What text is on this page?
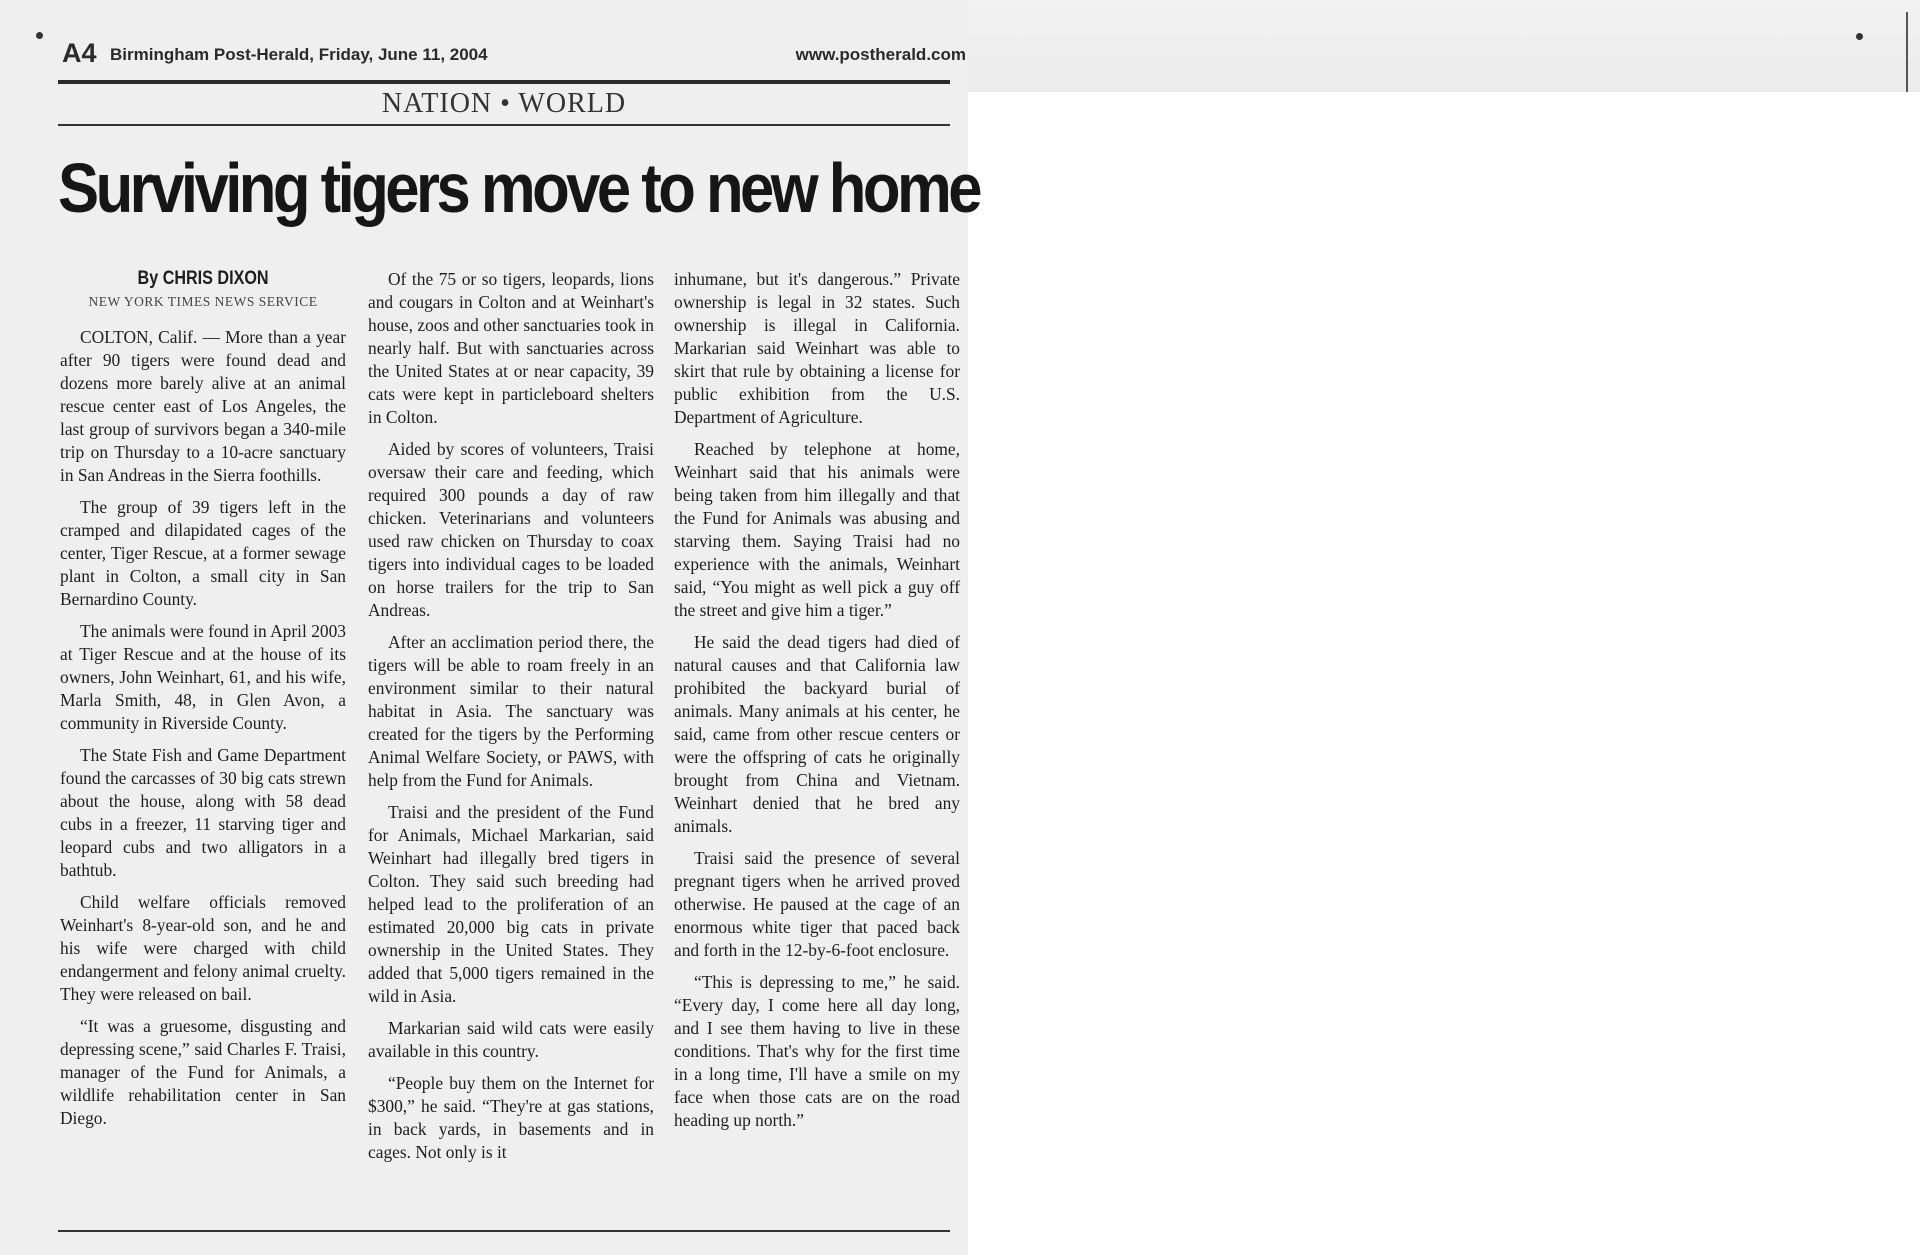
A4 Birmingham Post-Herald, Friday, June 11, 2004	www.postherald.com
NATION • WORLD
Surviving tigers move to new home
By CHRIS DIXON
NEW YORK TIMES NEWS SERVICE

COLTON, Calif. — More than a year after 90 tigers were found dead and dozens more barely alive at an animal rescue center east of Los Angeles, the last group of survivors began a 340-mile trip on Thursday to a 10-acre sanctuary in San Andreas in the Sierra foothills.

The group of 39 tigers left in the cramped and dilapidated cages of the center, Tiger Rescue, at a former sewage plant in Colton, a small city in San Bernardino County.

The animals were found in April 2003 at Tiger Rescue and at the house of its owners, John Weinhart, 61, and his wife, Marla Smith, 48, in Glen Avon, a community in Riverside County.

The State Fish and Game Department found the carcasses of 30 big cats strewn about the house, along with 58 dead cubs in a freezer, 11 starving tiger and leopard cubs and two alligators in a bathtub.

Child welfare officials removed Weinhart's 8-year-old son, and he and his wife were charged with child endangerment and felony animal cruelty. They were released on bail.

“It was a gruesome, disgusting and depressing scene,” said Charles F. Traisi, manager of the Fund for Animals, a wildlife rehabilitation center in San Diego.

Of the 75 or so tigers, leopards, lions and cougars in Colton and at Weinhart's house, zoos and other sanctuaries took in nearly half. But with sanctuaries across the United States at or near capacity, 39 cats were kept in particleboard shelters in Colton.

Aided by scores of volunteers, Traisi oversaw their care and feeding, which required 300 pounds a day of raw chicken. Veterinarians and volunteers used raw chicken on Thursday to coax tigers into individual cages to be loaded on horse trailers for the trip to San Andreas.

After an acclimation period there, the tigers will be able to roam freely in an environment similar to their natural habitat in Asia. The sanctuary was created for the tigers by the Performing Animal Welfare Society, or PAWS, with help from the Fund for Animals.

Traisi and the president of the Fund for Animals, Michael Markarian, said Weinhart had illegally bred tigers in Colton. They said such breeding had helped lead to the proliferation of an estimated 20,000 big cats in private ownership in the United States. They added that 5,000 tigers remained in the wild in Asia.

Markarian said wild cats were easily available in this country.

“People buy them on the Internet for $300,” he said. “They're at gas stations, in back yards, in basements and in cages. Not only is it

inhumane, but it's dangerous.” Private ownership is legal in 32 states. Such ownership is illegal in California. Markarian said Weinhart was able to skirt that rule by obtaining a license for public exhibition from the U.S. Department of Agriculture.

Reached by telephone at home, Weinhart said that his animals were being taken from him illegally and that the Fund for Animals was abusing and starving them. Saying Traisi had no experience with the animals, Weinhart said, “You might as well pick a guy off the street and give him a tiger.”

He said the dead tigers had died of natural causes and that California law prohibited the backyard burial of animals. Many animals at his center, he said, came from other rescue centers or were the offspring of cats he originally brought from China and Vietnam. Weinhart denied that he bred any animals.

Traisi said the presence of several pregnant tigers when he arrived proved otherwise. He paused at the cage of an enormous white tiger that paced back and forth in the 12-by-6-foot enclosure.

“This is depressing to me,” he said. “Every day, I come here all day long, and I see them having to live in these conditions. That's why for the first time in a long time, I'll have a smile on my face when those cats are on the road heading up north.”
